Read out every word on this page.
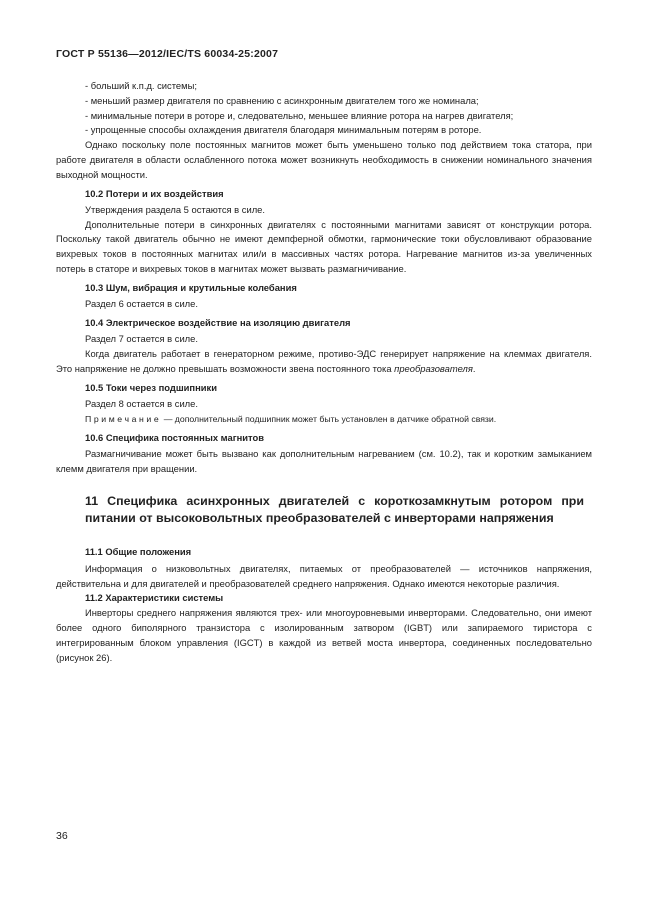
ГОСТ Р 55136—2012/IEC/TS 60034-25:2007

- больший к.п.д. системы;

- меньший размер двигателя по сравнению с асинхронным двигателем того же номинала;

- минимальные потери в роторе и, следовательно, меньшее влияние ротора на нагрев двигателя;

- упрощенные способы охлаждения двигателя благодаря минимальным потерям в роторе.

Однако поскольку поле постоянных магнитов может быть уменьшено только под действием тока статора, при работе двигателя в области ослабленного потока может возникнуть необходимость в снижении номинального значения выходной мощности.

10.2 Потери и их воздействия

Утверждения раздела 5 остаются в силе.

Дополнительные потери в синхронных двигателях с постоянными магнитами зависят от конструкции ротора. Поскольку такой двигатель обычно не имеют демпферной обмотки, гармонические токи обусловливают образование вихревых токов в постоянных магнитах или/и в массивных частях ротора. Нагревание магнитов из-за увеличенных потерь в статоре и вихревых токов в магнитах может вызвать размагничивание.

10.3 Шум, вибрация и крутильные колебания

Раздел 6 остается в силе.

10.4 Электрическое воздействие на изоляцию двигателя

Раздел 7 остается в силе.

Когда двигатель работает в генераторном режиме, противо-ЭДС генерирует напряжение на клеммах двигателя. Это напряжение не должно превышать возможности звена постоянного тока преобразователя.

10.5 Токи через подшипники

Раздел 8 остается в силе.

Примечание — дополнительный подшипник может быть установлен в датчике обратной связи.

10.6 Специфика постоянных магнитов

Размагничивание может быть вызвано как дополнительным нагреванием (см. 10.2), так и коротким замыканием клемм двигателя при вращении.

11 Специфика асинхронных двигателей с короткозамкнутым ротором при питании от высоковольтных преобразователей с инверторами напряжения

11.1 Общие положения

Информация о низковольтных двигателях, питаемых от преобразователей — источников напряжения, действительна и для двигателей и преобразователей среднего напряжения. Однако имеются некоторые различия.

11.2 Характеристики системы

Инверторы среднего напряжения являются трех- или многоуровневыми инверторами. Следовательно, они имеют более одного биполярного транзистора с изолированным затвором (IGBT) или запираемого тиристора с интегрированным блоком управления (IGCT) в каждой из ветвей моста инвертора, соединенных последовательно (рисунок 26).

36
